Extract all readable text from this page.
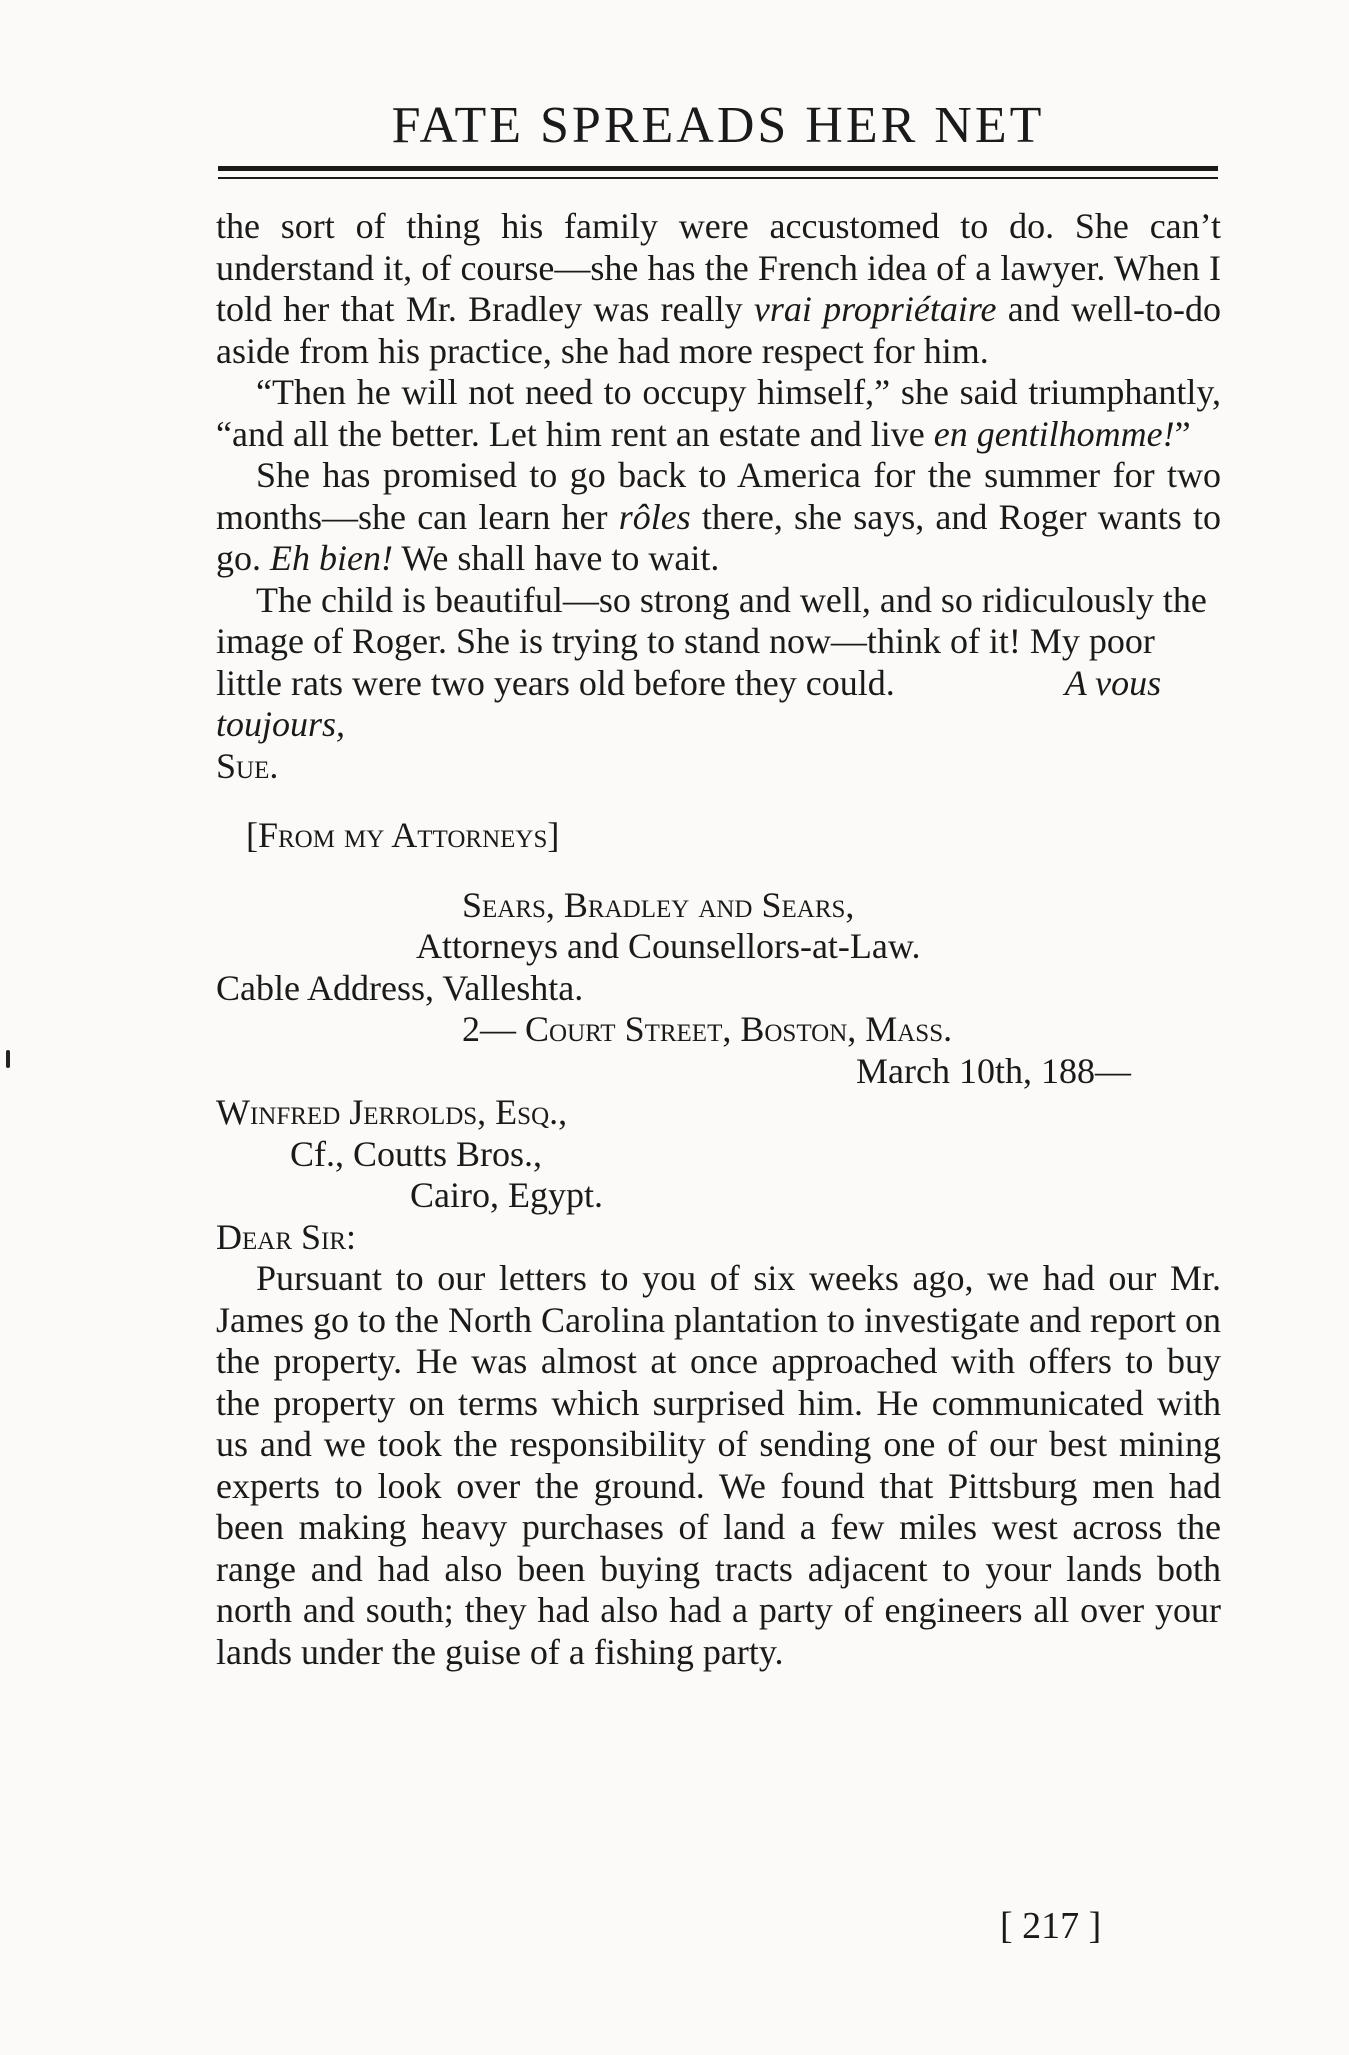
FATE SPREADS HER NET

the sort of thing his family were accustomed to do. She can’t understand it, of course—she has the French idea of a lawyer. When I told her that Mr. Bradley was really vrai propriétaire and well-to-do aside from his practice, she had more respect for him.

“Then he will not need to occupy himself,” she said triumphantly, “and all the better. Let him rent an estate and live en gentilhomme!”

She has promised to go back to America for the summer for two months—she can learn her rôles there, she says, and Roger wants to go. Eh bien! We shall have to wait.

The child is beautiful—so strong and well, and so ridiculously the image of Roger. She is trying to stand now—think of it! My poor little rats were two years old before they could.	A vous toujours,

Sue.

[From my Attorneys]

Sears, Bradley and Sears,
Attorneys and Counsellors-at-Law.
Cable Address, Valleshta.
2— Court Street, Boston, Mass.
March 10th, 188—
Winfred Jerrolds, Esq.,
Cf., Coutts Bros.,
Cairo, Egypt.
Dear Sir:

Pursuant to our letters to you of six weeks ago, we had our Mr. James go to the North Carolina plantation to investigate and report on the property. He was almost at once approached with offers to buy the property on terms which surprised him. He communicated with us and we took the responsibility of sending one of our best mining experts to look over the ground. We found that Pittsburg men had been making heavy purchases of land a few miles west across the range and had also been buying tracts adjacent to your lands both north and south; they had also had a party of engineers all over your lands under the guise of a fishing party.

[ 217 ]
